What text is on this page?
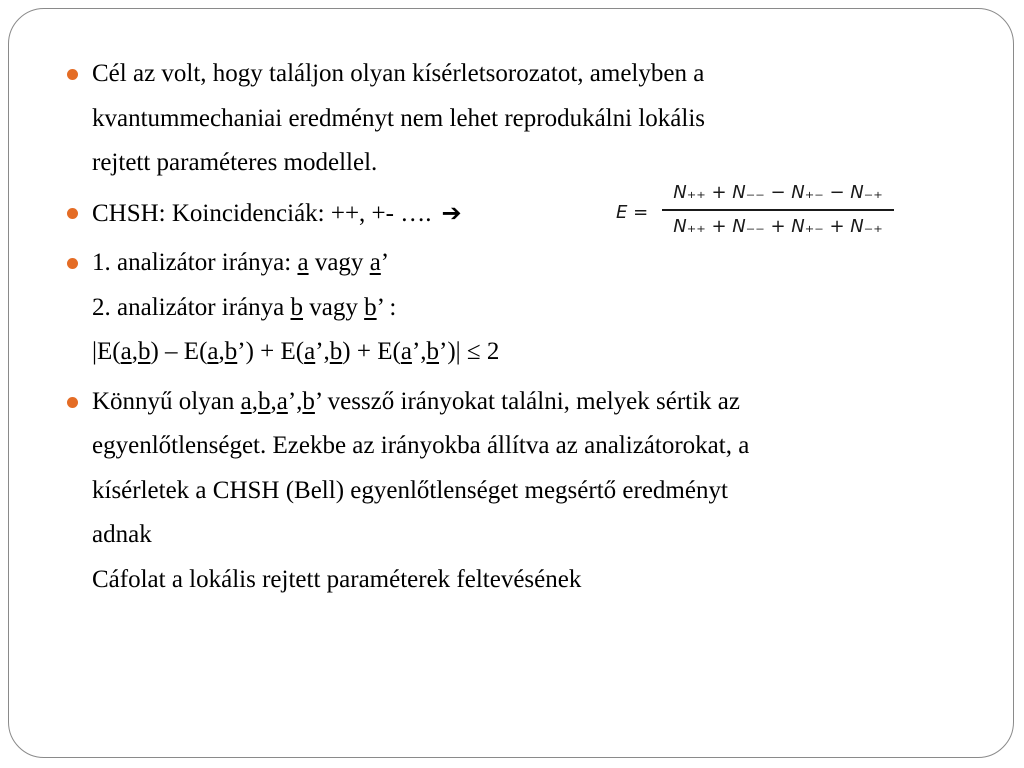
Cél az volt, hogy találjon olyan kísérletsorozatot, amelyben a
kvantummechaniai eredményt nem lehet reprodukálni lokális
rejtett paraméteres modellel.
CHSH: Koincidenciák: ++, +- …. ➔
1. analizátor iránya: a vagy a’
2. analizátor iránya b vagy b’ :
|E(a,b) – E(a,b’) + E(a’,b) + E(a’,b’)| ≤ 2
Könnyű olyan a,b,a’,b’ vessző irányokat találni, melyek sértik az
egyenlőtlenséget. Ezekbe az irányokba állítva az analizátorokat, a
kísérletek a CHSH (Bell) egyenlőtlenséget megsértő eredményt
adnak
Cáfolat a lokális rejtett paraméterek feltevésének
E =
N₊₊ + N₋₋ − N₊₋ − N₋₊
N₊₊ + N₋₋ + N₊₋ + N₋₊
